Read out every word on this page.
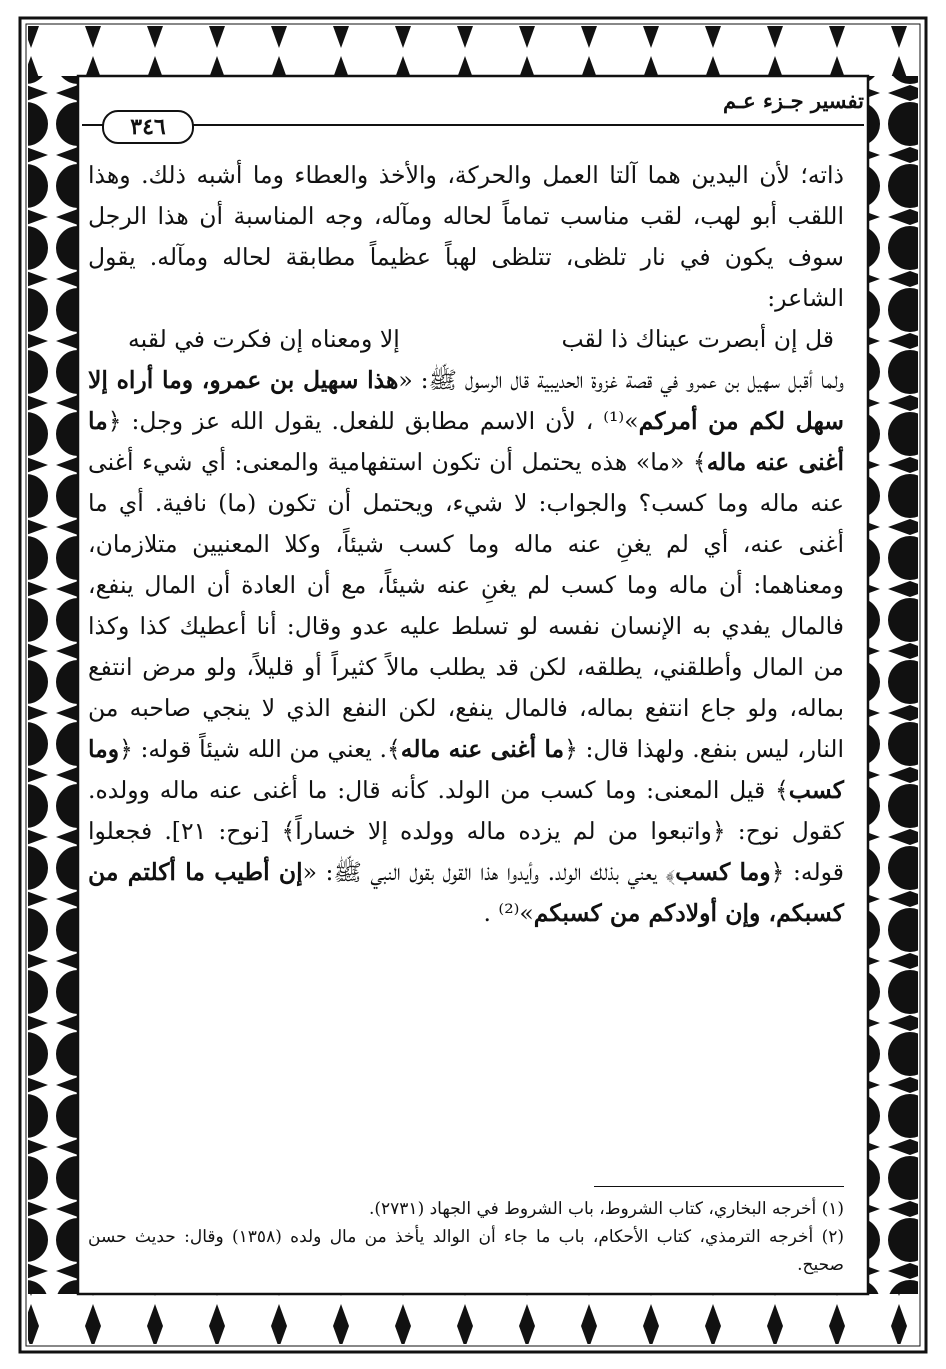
تفسير جـزء عـم
٣٤٦

ذاته؛ لأن اليدين هما آلتا العمل والحركة، والأخذ والعطاء وما أشبه ذلك. وهذا اللقب أبو لهب، لقب مناسب تماماً لحاله ومآله، وجه المناسبة أن هذا الرجل سوف يكون في نار تلظى، تتلظى لهباً عظيماً مطابقة لحاله ومآله. يقول الشاعر:

قل إن أبصرت عيناك ذا لقب
إلا ومعناه إن فكرت في لقبه

ولما أقبل سهيل بن عمرو في قصة غزوة الحديبية قال الرسول ﷺ: «هذا سهيل بن عمرو، وما أراه إلا سهل لكم من أمركم»⁽¹⁾ ، لأن الاسم مطابق للفعل. يقول الله عز وجل: ﴿ما أغنى عنه ماله﴾ «ما» هذه يحتمل أن تكون استفهامية والمعنى: أي شيء أغنى عنه ماله وما كسب؟ والجواب: لا شيء، ويحتمل أن تكون (ما) نافية. أي ما أغنى عنه، أي لم يغنِ عنه ماله وما كسب شيئاً، وكلا المعنيين متلازمان، ومعناهما: أن ماله وما كسب لم يغنِ عنه شيئاً، مع أن العادة أن المال ينفع، فالمال يفدي به الإنسان نفسه لو تسلط عليه عدو وقال: أنا أعطيك كذا وكذا من المال وأطلقني، يطلقه، لكن قد يطلب مالاً كثيراً أو قليلاً، ولو مرض انتفع بماله، ولو جاع انتفع بماله، فالمال ينفع، لكن النفع الذي لا ينجي صاحبه من النار، ليس بنفع. ولهذا قال: ﴿ما أغنى عنه ماله﴾. يعني من الله شيئاً قوله: ﴿وما كسب﴾ قيل المعنى: وما كسب من الولد. كأنه قال: ما أغنى عنه ماله وولده. كقول نوح: ﴿واتبعوا من لم يزده ماله وولده إلا خساراً﴾ [نوح: ٢١]. فجعلوا قوله: ﴿وما كسب﴾ يعني بذلك الولد. وأيدوا هذا القول بقول النبي ﷺ: «إن أطيب ما أكلتم من كسبكم، وإن أولادكم من كسبكم»⁽²⁾ .

(١) أخرجه البخاري، كتاب الشروط، باب الشروط في الجهاد (٢٧٣١).

(٢) أخرجه الترمذي، كتاب الأحكام، باب ما جاء أن الوالد يأخذ من مال ولده (١٣٥٨) وقال: حديث حسن صحيح.
